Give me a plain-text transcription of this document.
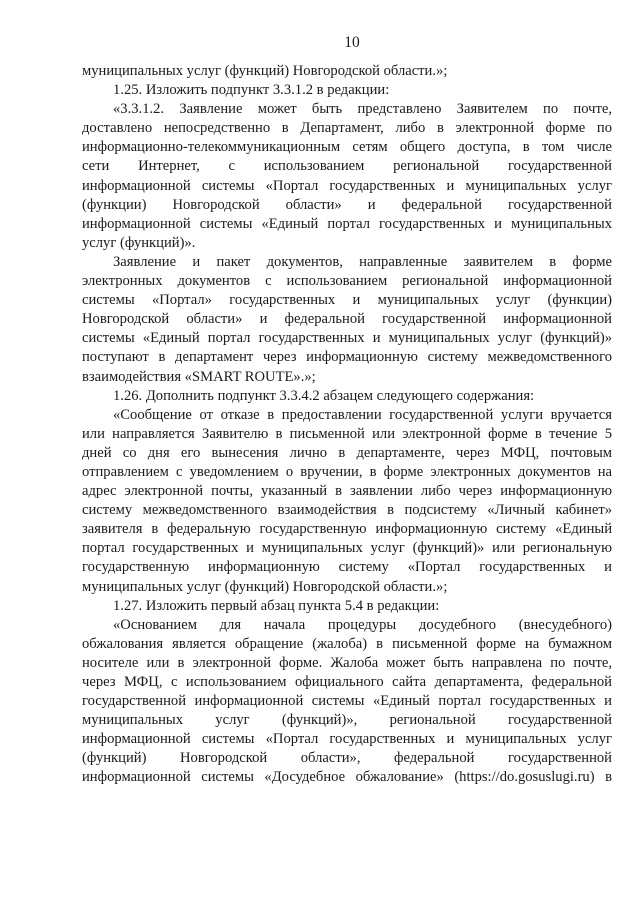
10

муниципальных услуг (функций) Новгородской области.»;

1.25. Изложить подпункт 3.3.1.2 в редакции:

«3.3.1.2. Заявление может быть представлено Заявителем по почте,

доставлено непосредственно в Департамент, либо в электронной форме по

информационно-телекоммуникационным сетям общего доступа, в том числе

сети Интернет, с использованием региональной государственной

информационной системы «Портал государственных и муниципальных услуг

(функции) Новгородской области» и федеральной государственной

информационной системы «Единый портал государственных и муниципальных

услуг (функций)».

Заявление и пакет документов, направленные заявителем в форме

электронных документов с использованием региональной информационной

системы «Портал» государственных и муниципальных услуг (функции)

Новгородской области» и федеральной государственной информационной

системы «Единый портал государственных и муниципальных услуг (функций)»

поступают в департамент через информационную систему межведомственного

взаимодействия «SMART ROUTE».»;

1.26. Дополнить подпункт 3.3.4.2 абзацем следующего содержания:

«Сообщение от отказе в предоставлении государственной услуги вручается

или направляется Заявителю в письменной или электронной форме в течение 5

дней со дня его вынесения лично в департаменте, через МФЦ, почтовым

отправлением с уведомлением о вручении, в форме электронных документов на

адрес электронной почты, указанный в заявлении либо через информационную

систему межведомственного взаимодействия в подсистему «Личный кабинет»

заявителя в федеральную государственную информационную систему «Единый

портал государственных и муниципальных услуг (функций)» или региональную

государственную информационную систему «Портал государственных и

муниципальных услуг (функций) Новгородской области.»;

1.27. Изложить первый абзац пункта 5.4 в редакции:

«Основанием для начала процедуры досудебного (внесудебного)

обжалования является обращение (жалоба) в письменной форме на бумажном

носителе или в электронной форме. Жалоба может быть направлена по почте,

через МФЦ, с использованием официального сайта департамента, федеральной

государственной информационной системы «Единый портал государственных и

муниципальных услуг (функций)», региональной государственной

информационной системы «Портал государственных и муниципальных услуг

(функций) Новгородской области», федеральной государственной

информационной системы «Досудебное обжалование» (https://do.gosuslugi.ru) в
